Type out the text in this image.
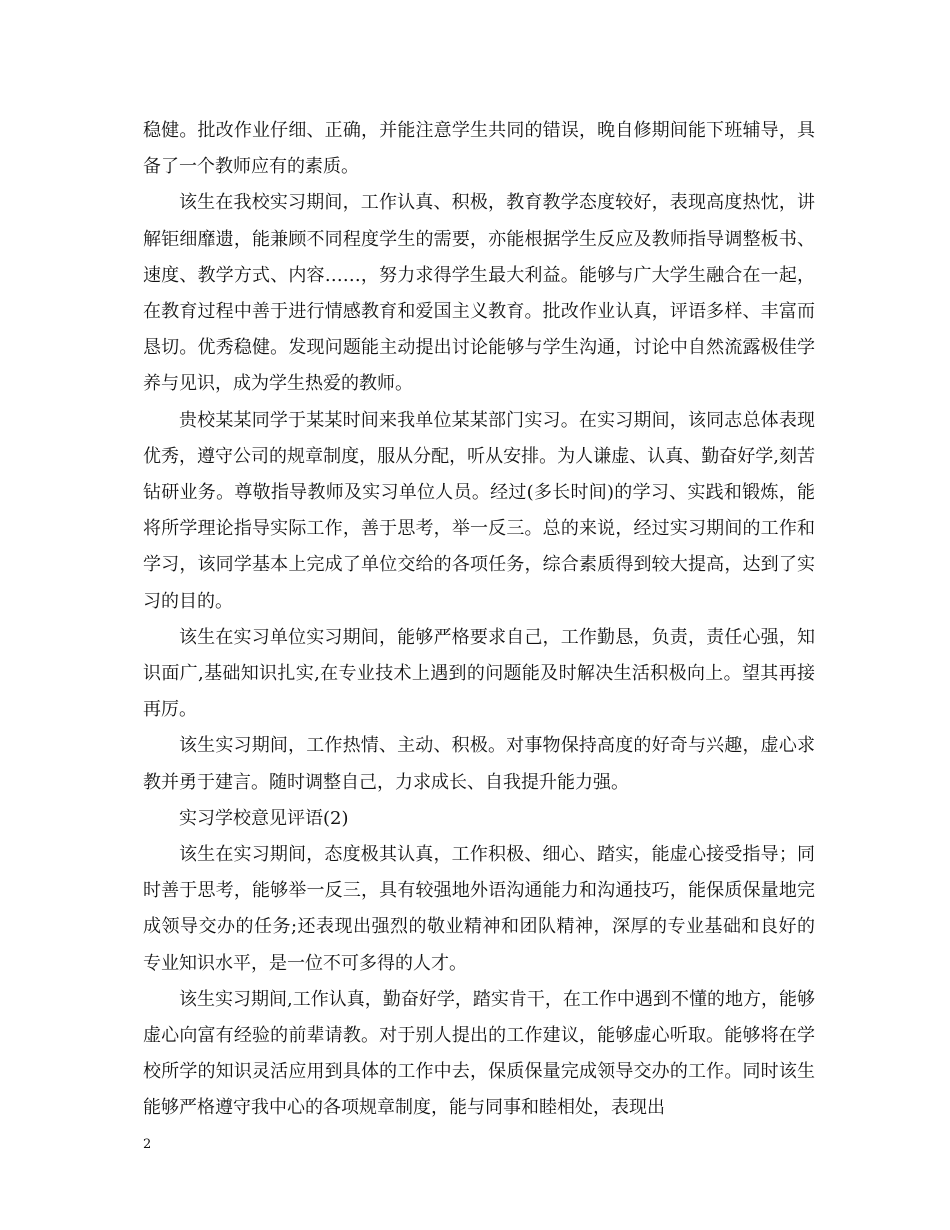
稳健。批改作业仔细、正确，并能注意学生共同的错误，晚自修期间能下班辅导，具备了一个教师应有的素质。

该生在我校实习期间，工作认真、积极，教育教学态度较好，表现高度热忱，讲解钜细靡遗，能兼顾不同程度学生的需要，亦能根据学生反应及教师指导调整板书、速度、教学方式、内容……，努力求得学生最大利益。能够与广大学生融合在一起，在教育过程中善于进行情感教育和爱国主义教育。批改作业认真，评语多样、丰富而恳切。优秀稳健。发现问题能主动提出讨论能够与学生沟通，讨论中自然流露极佳学养与见识，成为学生热爱的教师。

贵校某某同学于某某时间来我单位某某部门实习。在实习期间，该同志总体表现优秀，遵守公司的规章制度，服从分配，听从安排。为人谦虚、认真、勤奋好学,刻苦钻研业务。尊敬指导教师及实习单位人员。经过(多长时间)的学习、实践和锻炼，能将所学理论指导实际工作，善于思考，举一反三。总的来说，经过实习期间的工作和学习，该同学基本上完成了单位交给的各项任务，综合素质得到较大提高，达到了实习的目的。

该生在实习单位实习期间，能够严格要求自己，工作勤恳，负责，责任心强，知识面广,基础知识扎实,在专业技术上遇到的问题能及时解决生活积极向上。望其再接再厉。

该生实习期间，工作热情、主动、积极。对事物保持高度的好奇与兴趣，虚心求教并勇于建言。随时调整自己，力求成长、自我提升能力强。

实习学校意见评语(2)

该生在实习期间，态度极其认真，工作积极、细心、踏实，能虚心接受指导；同时善于思考，能够举一反三，具有较强地外语沟通能力和沟通技巧，能保质保量地完成领导交办的任务;还表现出强烈的敬业精神和团队精神，深厚的专业基础和良好的专业知识水平，是一位不可多得的人才。

该生实习期间,工作认真，勤奋好学，踏实肯干，在工作中遇到不懂的地方，能够虚心向富有经验的前辈请教。对于别人提出的工作建议，能够虚心听取。能够将在学校所学的知识灵活应用到具体的工作中去，保质保量完成领导交办的工作。同时该生能够严格遵守我中心的各项规章制度，能与同事和睦相处，表现出

2
